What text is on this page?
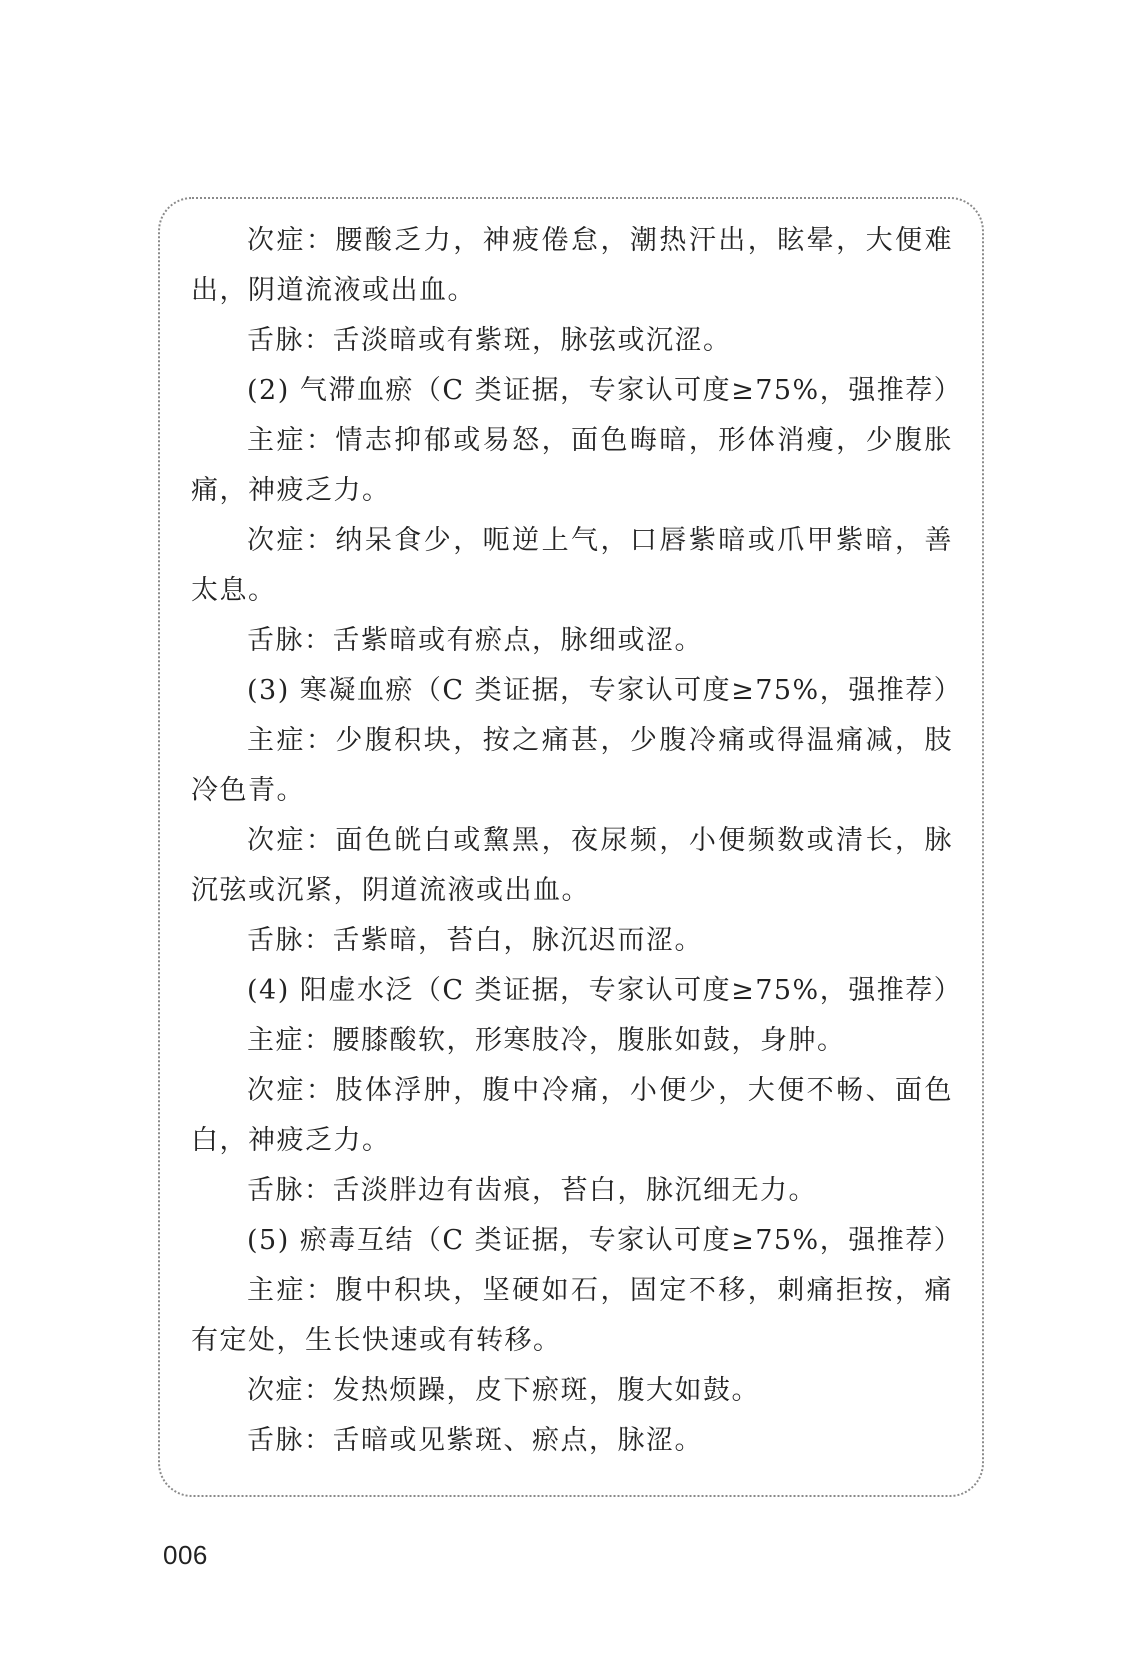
次症：腰酸乏力，神疲倦怠，潮热汗出，眩晕，大便难出，阴道流液或出血。

舌脉：舌淡暗或有紫斑，脉弦或沉涩。

(2) 气滞血瘀（C 类证据，专家认可度≥75%，强推荐）

主症：情志抑郁或易怒，面色晦暗，形体消瘦，少腹胀痛，神疲乏力。

次症：纳呆食少，呃逆上气，口唇紫暗或爪甲紫暗，善太息。

舌脉：舌紫暗或有瘀点，脉细或涩。

(3) 寒凝血瘀（C 类证据，专家认可度≥75%，强推荐）

主症：少腹积块，按之痛甚，少腹冷痛或得温痛减，肢冷色青。

次症：面色㿠白或黧黑，夜尿频，小便频数或清长，脉沉弦或沉紧，阴道流液或出血。

舌脉：舌紫暗，苔白，脉沉迟而涩。

(4) 阳虚水泛（C 类证据，专家认可度≥75%，强推荐）

主症：腰膝酸软，形寒肢冷，腹胀如鼓，身肿。

次症：肢体浮肿，腹中冷痛，小便少，大便不畅、面色白，神疲乏力。

舌脉：舌淡胖边有齿痕，苔白，脉沉细无力。

(5) 瘀毒互结（C 类证据，专家认可度≥75%，强推荐）

主症：腹中积块，坚硬如石，固定不移，刺痛拒按，痛有定处，生长快速或有转移。

次症：发热烦躁，皮下瘀斑，腹大如鼓。

舌脉：舌暗或见紫斑、瘀点，脉涩。

006
